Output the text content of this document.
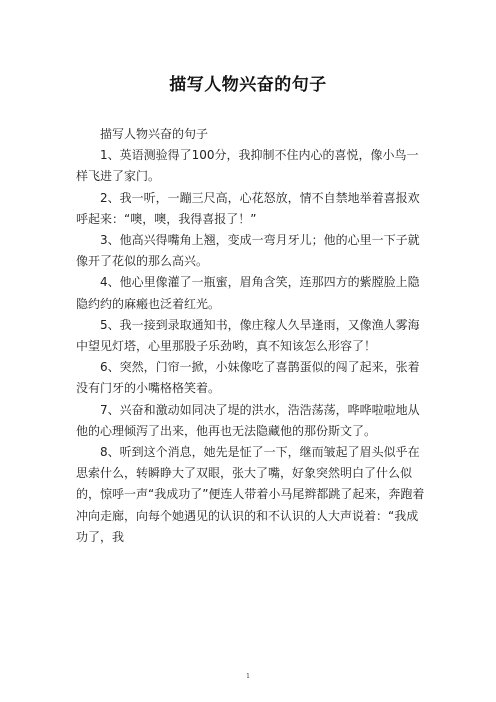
描写人物兴奋的句子

描写人物兴奋的句子

1、英语测验得了100分，我抑制不住内心的喜悦，像小鸟一样飞进了家门。

2、我一听，一蹦三尺高，心花怒放，情不自禁地举着喜报欢呼起来：“噢，噢，我得喜报了！”

3、他高兴得嘴角上翘，变成一弯月牙儿；他的心里一下子就像开了花似的那么高兴。

4、他心里像灌了一瓶蜜，眉角含笑，连那四方的紫膛脸上隐隐约约的麻瘢也泛着红光。

5、我一接到录取通知书，像庄稼人久旱逢雨，又像渔人雾海中望见灯塔，心里那股子乐劲哟，真不知该怎么形容了！

6、突然，门帘一掀，小妹像吃了喜鹊蛋似的闯了起来，张着没有门牙的小嘴格格笑着。

7、兴奋和激动如同决了堤的洪水，浩浩荡荡，哗哗啦啦地从他的心理倾泻了出来，他再也无法隐藏他的那份斯文了。

8、听到这个消息，她先是怔了一下，继而皱起了眉头似乎在思索什么，转瞬睁大了双眼，张大了嘴，好象突然明白了什么似的，惊呼一声“我成功了”便连人带着小马尾辫都跳了起来，奔跑着冲向走廊，向每个她遇见的认识的和不认识的人大声说着：“我成功了，我

1
